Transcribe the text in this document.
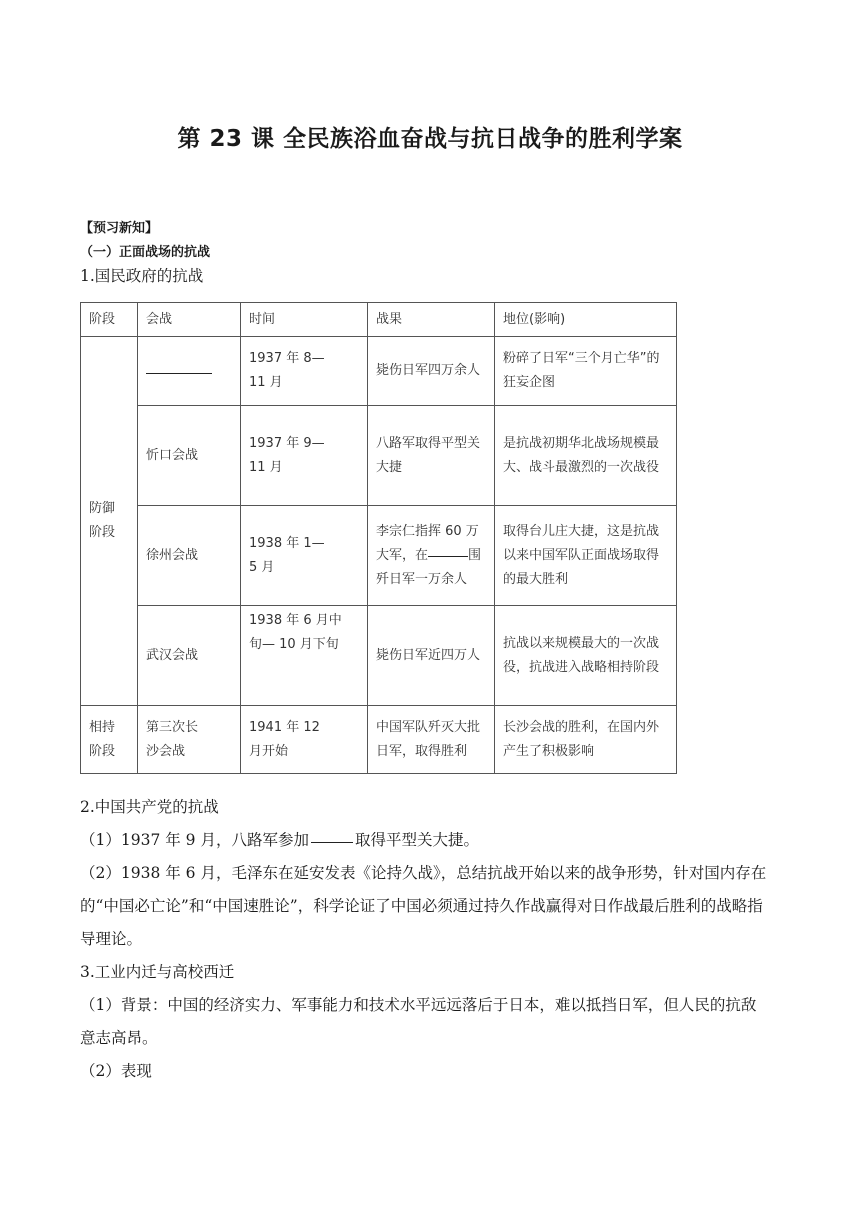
第 23 课 全民族浴血奋战与抗日战争的胜利学案
【预习新知】
（一）正面战场的抗战
1.国民政府的抗战
阶段	会战	时间	战果	地位(影响)

防御阶段		1937 年 8—11 月	毙伤日军四万余人	粉碎了日军“三个月亡华”的狂妄企图
	忻口会战	1937 年 9—11 月	八路军取得平型关大捷	是抗战初期华北战场规模最大、战斗最激烈的一次战役
	徐州会战	1938 年 1—5 月	李宗仁指挥 60 万大军，在 围歼日军一万余人	取得台儿庄大捷，这是抗战以来中国军队正面战场取得的最大胜利
	武汉会战	1938 年 6 月中旬— 10 月下旬	毙伤日军近四万人	抗战以来规模最大的一次战役，抗战进入战略相持阶段

相持阶段	第三次长沙会战	1941 年 12 月开始	中国军队歼灭大批日军，取得胜利	长沙会战的胜利，在国内外产生了积极影响
2.中国共产党的抗战
（1）1937 年 9 月，八路军参加	取得平型关大捷。
（2）1938 年 6 月，毛泽东在延安发表《论持久战》，总结抗战开始以来的战争形势，针对国内存在的“中国必亡论”和“中国速胜论”，科学论证了中国必须通过持久作战赢得对日作战最后胜利的战略指导理论。
3.工业内迁与高校西迁
（1）背景：中国的经济实力、军事能力和技术水平远远落后于日本，难以抵挡日军，但人民的抗敌意志高昂。
（2）表现
